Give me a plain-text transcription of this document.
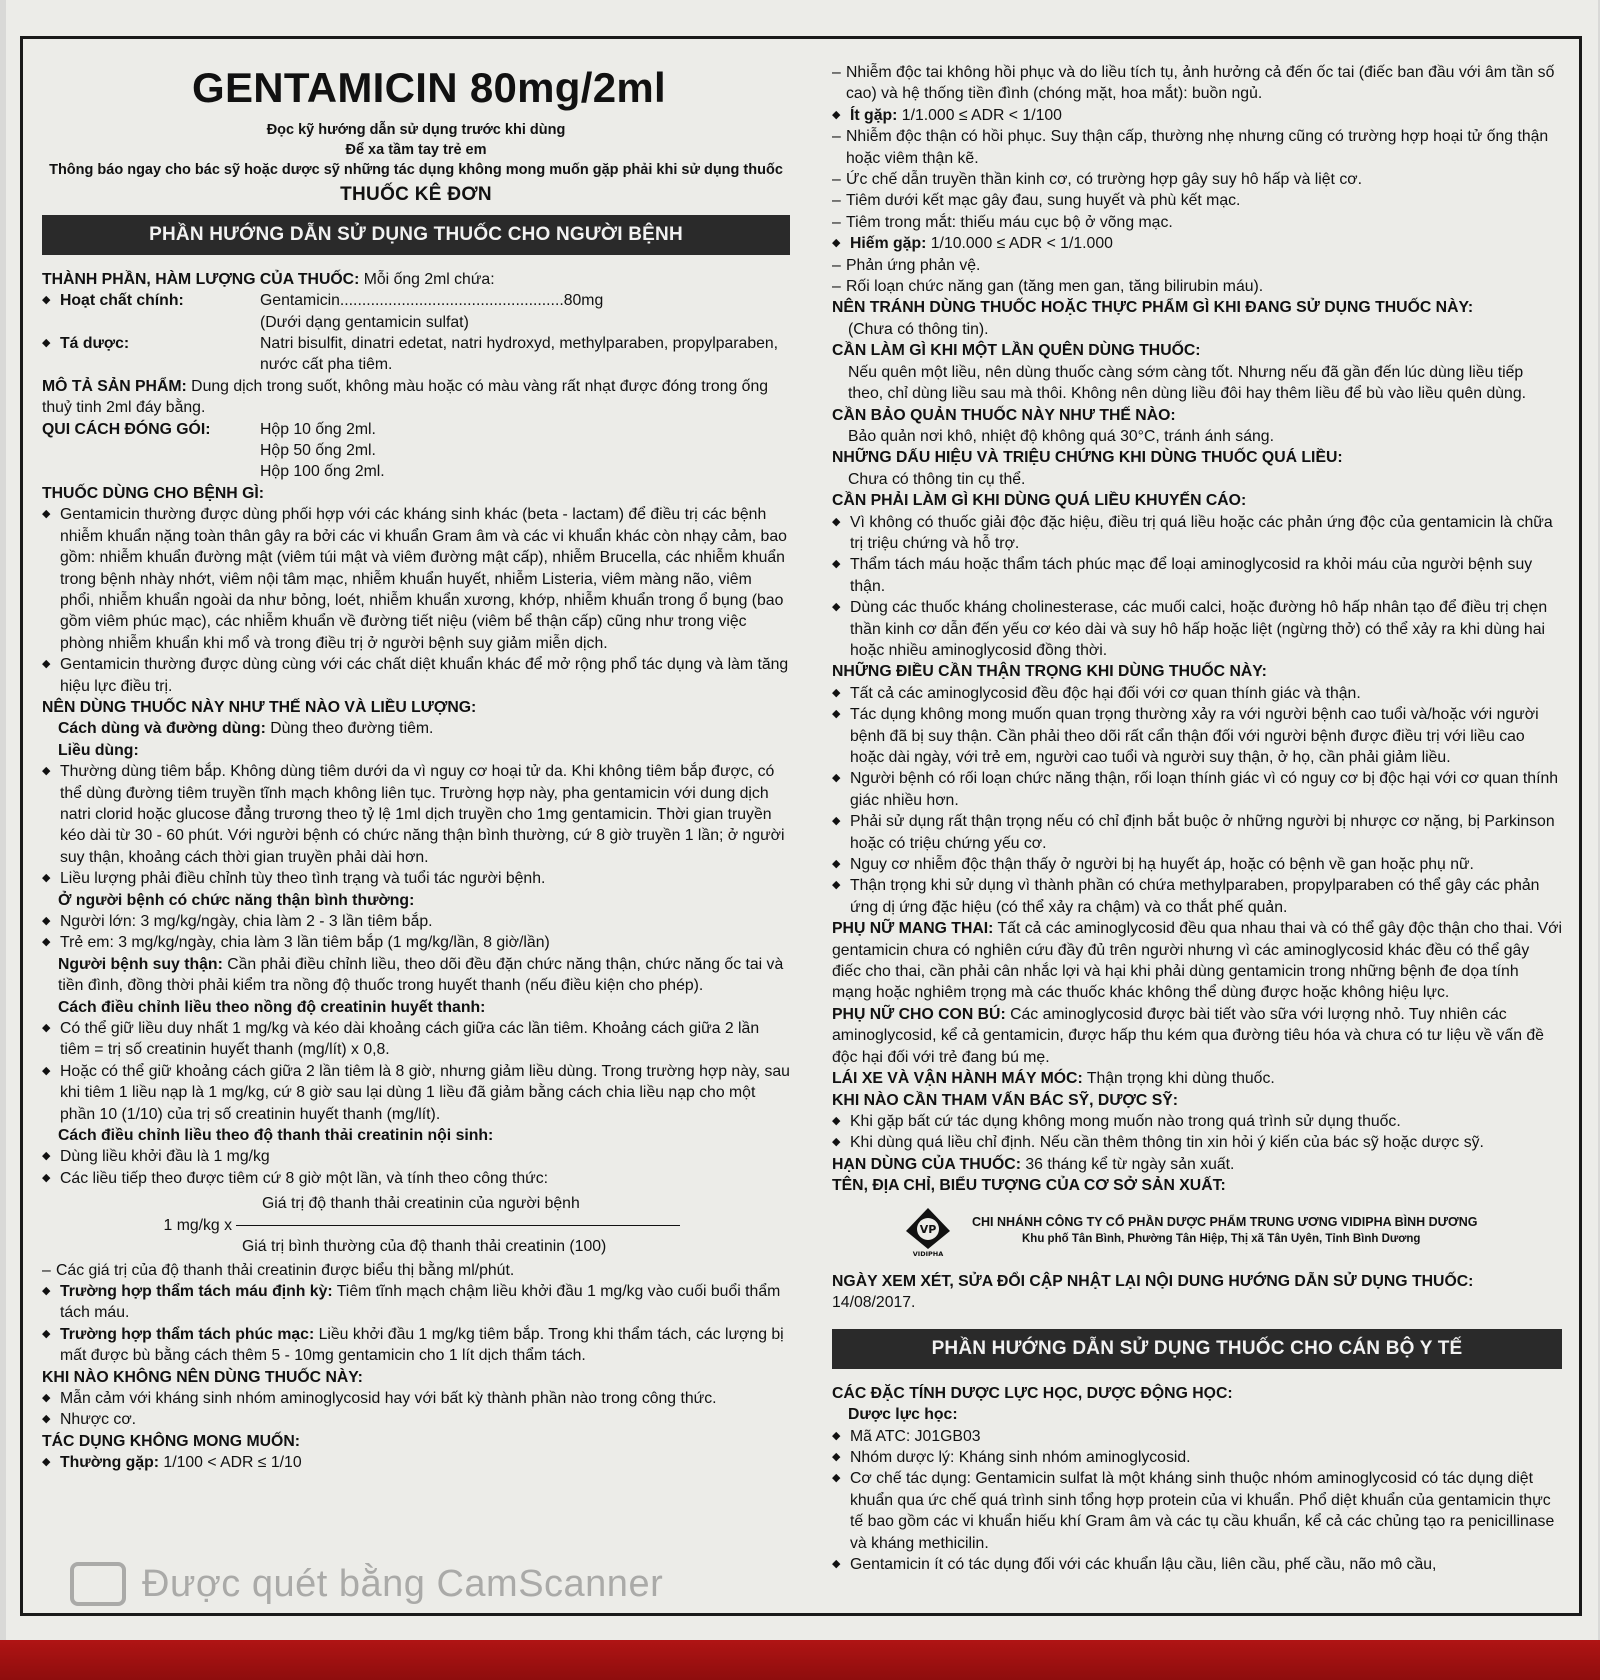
GENTAMICIN 80mg/2ml
Đọc kỹ hướng dẫn sử dụng trước khi dùng
Để xa tầm tay trẻ em
Thông báo ngay cho bác sỹ hoặc dược sỹ những tác dụng không mong muốn gặp phải khi sử dụng thuốc
THUỐC KÊ ĐƠN
PHẦN HƯỚNG DẪN SỬ DỤNG THUỐC CHO NGƯỜI BỆNH

THÀNH PHẦN, HÀM LƯỢNG CỦA THUỐC: Mỗi ống 2ml chứa:

◆ Hoạt chất chính:	Gentamicin...................................................80mg
(Dưới dạng gentamicin sulfat)
◆ Tá dược:	Natri bisulfit, dinatri edetat, natri hydroxyd, methylparaben, propylparaben, nước cất pha tiêm.

MÔ TẢ SẢN PHẨM: Dung dịch trong suốt, không màu hoặc có màu vàng rất nhạt được đóng trong ống thuỷ tinh 2ml đáy bằng.

QUI CÁCH ĐÓNG GÓI:	Hộp 10 ống 2ml.
Hộp 50 ống 2ml.
Hộp 100 ống 2ml.
THUỐC DÙNG CHO BỆNH GÌ:

◆ Gentamicin thường được dùng phối hợp với các kháng sinh khác (beta - lactam) để điều trị các bệnh nhiễm khuẩn nặng toàn thân gây ra bởi các vi khuẩn Gram âm và các vi khuẩn khác còn nhạy cảm, bao gồm: nhiễm khuẩn đường mật (viêm túi mật và viêm đường mật cấp), nhiễm Brucella, các nhiễm khuẩn trong bệnh nhày nhớt, viêm nội tâm mạc, nhiễm khuẩn huyết, nhiễm Listeria, viêm màng não, viêm phổi, nhiễm khuẩn ngoài da như bỏng, loét, nhiễm khuẩn xương, khớp, nhiễm khuẩn trong ổ bụng (bao gồm viêm phúc mạc), các nhiễm khuẩn về đường tiết niệu (viêm bể thận cấp) cũng như trong việc phòng nhiễm khuẩn khi mổ và trong điều trị ở người bệnh suy giảm miễn dịch.

◆ Gentamicin thường được dùng cùng với các chất diệt khuẩn khác để mở rộng phổ tác dụng và làm tăng hiệu lực điều trị.

NÊN DÙNG THUỐC NÀY NHƯ THẾ NÀO VÀ LIỀU LƯỢNG:

Cách dùng và đường dùng: Dùng theo đường tiêm.

Liều dùng:

◆ Thường dùng tiêm bắp. Không dùng tiêm dưới da vì nguy cơ hoại tử da. Khi không tiêm bắp được, có thể dùng đường tiêm truyền tĩnh mạch không liên tục. Trường hợp này, pha gentamicin với dung dịch natri clorid hoặc glucose đẳng trương theo tỷ lệ 1ml dịch truyền cho 1mg gentamicin. Thời gian truyền kéo dài từ 30 - 60 phút. Với người bệnh có chức năng thận bình thường, cứ 8 giờ truyền 1 lần; ở người suy thận, khoảng cách thời gian truyền phải dài hơn.

◆ Liều lượng phải điều chỉnh tùy theo tình trạng và tuổi tác người bệnh.

Ở người bệnh có chức năng thận bình thường:

◆ Người lớn: 3 mg/kg/ngày, chia làm 2 - 3 lần tiêm bắp.

◆ Trẻ em: 3 mg/kg/ngày, chia làm 3 lần tiêm bắp (1 mg/kg/lần, 8 giờ/lần)

Người bệnh suy thận: Cần phải điều chỉnh liều, theo dõi đều đặn chức năng thận, chức năng ốc tai và tiền đình, đồng thời phải kiểm tra nồng độ thuốc trong huyết thanh (nếu điều kiện cho phép).

Cách điều chỉnh liều theo nồng độ creatinin huyết thanh:

◆ Có thể giữ liều duy nhất 1 mg/kg và kéo dài khoảng cách giữa các lần tiêm. Khoảng cách giữa 2 lần tiêm = trị số creatinin huyết thanh (mg/lít) x 0,8.

◆ Hoặc có thể giữ khoảng cách giữa 2 lần tiêm là 8 giờ, nhưng giảm liều dùng. Trong trường hợp này, sau khi tiêm 1 liều nạp là 1 mg/kg, cứ 8 giờ sau lại dùng 1 liều đã giảm bằng cách chia liều nạp cho một phần 10 (1/10) của trị số creatinin huyết thanh (mg/lít).

Cách điều chỉnh liều theo độ thanh thải creatinin nội sinh:

◆ Dùng liều khởi đầu là 1 mg/kg

◆ Các liều tiếp theo được tiêm cứ 8 giờ một lần, và tính theo công thức:

Giá trị độ thanh thải creatinin của người bệnh
1 mg/kg x
Giá trị bình thường của độ thanh thải creatinin (100)

– Các giá trị của độ thanh thải creatinin được biểu thị bằng ml/phút.

◆ Trường hợp thẩm tách máu định kỳ: Tiêm tĩnh mạch chậm liều khởi đầu 1 mg/kg vào cuối buổi thẩm tách máu.

◆ Trường hợp thẩm tách phúc mạc: Liều khởi đầu 1 mg/kg tiêm bắp. Trong khi thẩm tách, các lượng bị mất được bù bằng cách thêm 5 - 10mg gentamicin cho 1 lít dịch thẩm tách.

KHI NÀO KHÔNG NÊN DÙNG THUỐC NÀY:

◆ Mẫn cảm với kháng sinh nhóm aminoglycosid hay với bất kỳ thành phần nào trong công thức.

◆ Nhược cơ.

TÁC DỤNG KHÔNG MONG MUỐN:

◆ Thường gặp: 1/100 < ADR ≤ 1/10

– Nhiễm độc tai không hồi phục và do liều tích tụ, ảnh hưởng cả đến ốc tai (điếc ban đầu với âm tần số cao) và hệ thống tiền đình (chóng mặt, hoa mắt): buồn ngủ.

◆ Ít gặp: 1/1.000 ≤ ADR < 1/100

– Nhiễm độc thận có hồi phục. Suy thận cấp, thường nhẹ nhưng cũng có trường hợp hoại tử ống thận hoặc viêm thận kẽ.

– Ức chế dẫn truyền thần kinh cơ, có trường hợp gây suy hô hấp và liệt cơ.

– Tiêm dưới kết mạc gây đau, sung huyết và phù kết mạc.

– Tiêm trong mắt: thiếu máu cục bộ ở võng mạc.

◆ Hiếm gặp: 1/10.000 ≤ ADR < 1/1.000

– Phản ứng phản vệ.

– Rối loạn chức năng gan (tăng men gan, tăng bilirubin máu).

NÊN TRÁNH DÙNG THUỐC HOẶC THỰC PHẨM GÌ KHI ĐANG SỬ DỤNG THUỐC NÀY:

(Chưa có thông tin).

CẦN LÀM GÌ KHI MỘT LẦN QUÊN DÙNG THUỐC:

Nếu quên một liều, nên dùng thuốc càng sớm càng tốt. Nhưng nếu đã gần đến lúc dùng liều tiếp theo, chỉ dùng liều sau mà thôi. Không nên dùng liều đôi hay thêm liều để bù vào liều quên dùng.

CẦN BẢO QUẢN THUỐC NÀY NHƯ THẾ NÀO:

Bảo quản nơi khô, nhiệt độ không quá 30°C, tránh ánh sáng.

NHỮNG DẤU HIỆU VÀ TRIỆU CHỨNG KHI DÙNG THUỐC QUÁ LIỀU:

Chưa có thông tin cụ thể.

CẦN PHẢI LÀM GÌ KHI DÙNG QUÁ LIỀU KHUYẾN CÁO:

◆ Vì không có thuốc giải độc đặc hiệu, điều trị quá liều hoặc các phản ứng độc của gentamicin là chữa trị triệu chứng và hỗ trợ.

◆ Thẩm tách máu hoặc thẩm tách phúc mạc để loại aminoglycosid ra khỏi máu của người bệnh suy thận.

◆ Dùng các thuốc kháng cholinesterase, các muối calci, hoặc đường hô hấp nhân tạo để điều trị chẹn thần kinh cơ dẫn đến yếu cơ kéo dài và suy hô hấp hoặc liệt (ngừng thở) có thể xảy ra khi dùng hai hoặc nhiều aminoglycosid đồng thời.

NHỮNG ĐIỀU CẦN THẬN TRỌNG KHI DÙNG THUỐC NÀY:

◆ Tất cả các aminoglycosid đều độc hại đối với cơ quan thính giác và thận.

◆ Tác dụng không mong muốn quan trọng thường xảy ra với người bệnh cao tuổi và/hoặc với người bệnh đã bị suy thận. Cần phải theo dõi rất cẩn thận đối với người bệnh được điều trị với liều cao hoặc dài ngày, với trẻ em, người cao tuổi và người suy thận, ở họ, cần phải giảm liều.

◆ Người bệnh có rối loạn chức năng thận, rối loạn thính giác vì có nguy cơ bị độc hại với cơ quan thính giác nhiều hơn.

◆ Phải sử dụng rất thận trọng nếu có chỉ định bắt buộc ở những người bị nhược cơ nặng, bị Parkinson hoặc có triệu chứng yếu cơ.

◆ Nguy cơ nhiễm độc thận thấy ở người bị hạ huyết áp, hoặc có bệnh về gan hoặc phụ nữ.

◆ Thận trọng khi sử dụng vì thành phần có chứa methylparaben, propylparaben có thể gây các phản ứng dị ứng đặc hiệu (có thể xảy ra chậm) và co thắt phế quản.

PHỤ NỮ MANG THAI: Tất cả các aminoglycosid đều qua nhau thai và có thể gây độc thận cho thai. Với gentamicin chưa có nghiên cứu đầy đủ trên người nhưng vì các aminoglycosid khác đều có thể gây điếc cho thai, cần phải cân nhắc lợi và hại khi phải dùng gentamicin trong những bệnh đe dọa tính mạng hoặc nghiêm trọng mà các thuốc khác không thể dùng được hoặc không hiệu lực.

PHỤ NỮ CHO CON BÚ: Các aminoglycosid được bài tiết vào sữa với lượng nhỏ. Tuy nhiên các aminoglycosid, kể cả gentamicin, được hấp thu kém qua đường tiêu hóa và chưa có tư liệu về vấn đề độc hại đối với trẻ đang bú mẹ.

LÁI XE VÀ VẬN HÀNH MÁY MÓC: Thận trọng khi dùng thuốc.

KHI NÀO CẦN THAM VẤN BÁC SỸ, DƯỢC SỸ:

◆ Khi gặp bất cứ tác dụng không mong muốn nào trong quá trình sử dụng thuốc.

◆ Khi dùng quá liều chỉ định. Nếu cần thêm thông tin xin hỏi ý kiến của bác sỹ hoặc dược sỹ.

HẠN DÙNG CỦA THUỐC: 36 tháng kể từ ngày sản xuất.

TÊN, ĐỊA CHỈ, BIỂU TƯỢNG CỦA CƠ SỞ SẢN XUẤT:
VP
VIDIPHA
CHI NHÁNH CÔNG TY CỔ PHẦN DƯỢC PHẨM TRUNG ƯƠNG VIDIPHA BÌNH DƯƠNG
Khu phố Tân Bình, Phường Tân Hiệp, Thị xã Tân Uyên, Tỉnh Bình Dương
NGÀY XEM XÉT, SỬA ĐỔI CẬP NHẬT LẠI NỘI DUNG HƯỚNG DẪN SỬ DỤNG THUỐC:
14/08/2017.
PHẦN HƯỚNG DẪN SỬ DỤNG THUỐC CHO CÁN BỘ Y TẾ
CÁC ĐẶC TÍNH DƯỢC LỰC HỌC, DƯỢC ĐỘNG HỌC:
Dược lực học:

◆ Mã ATC: J01GB03

◆ Nhóm dược lý: Kháng sinh nhóm aminoglycosid.

◆ Cơ chế tác dụng: Gentamicin sulfat là một kháng sinh thuộc nhóm aminoglycosid có tác dụng diệt khuẩn qua ức chế quá trình sinh tổng hợp protein của vi khuẩn. Phổ diệt khuẩn của gentamicin thực tế bao gồm các vi khuẩn hiếu khí Gram âm và các tụ cầu khuẩn, kể cả các chủng tạo ra penicillinase và kháng methicilin.

◆ Gentamicin ít có tác dụng đối với các khuẩn lậu cầu, liên cầu, phế cầu, não mô cầu,

Được quét bằng CamScanner
